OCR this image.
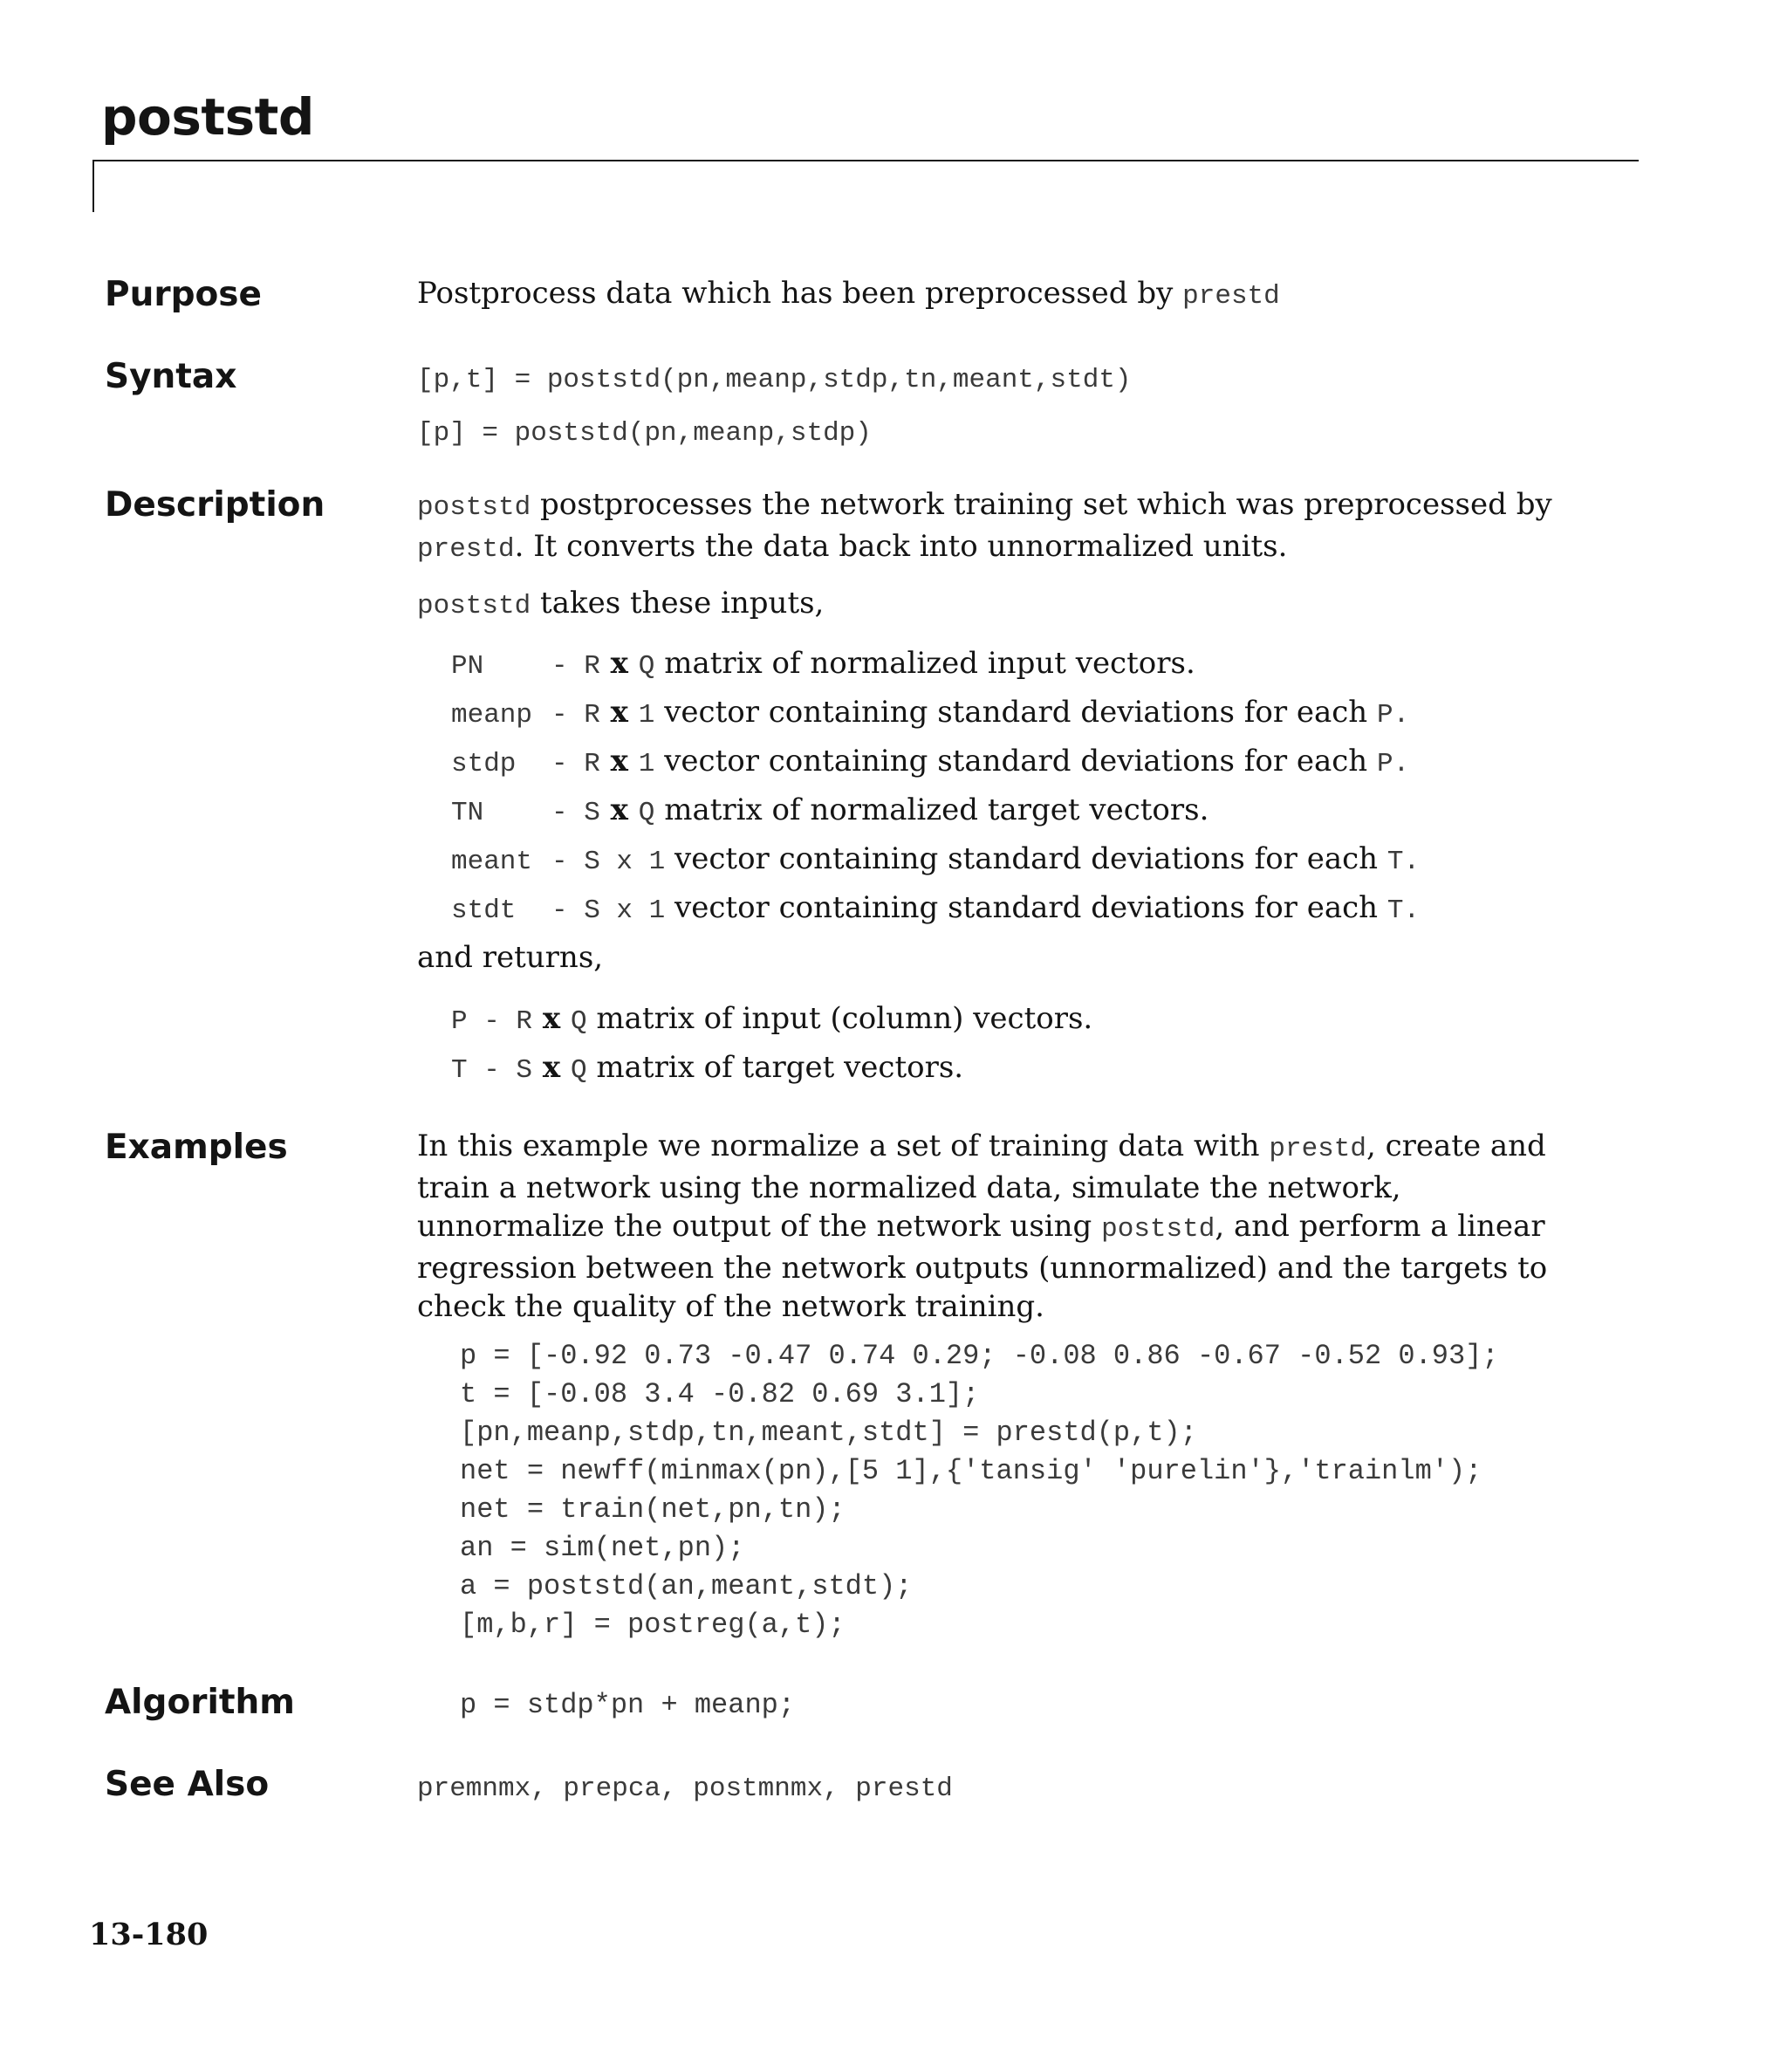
poststd
Purpose	Postprocess data which has been preprocessed by prestd
Syntax	[p,t] = poststd(pn,meanp,stdp,tn,meant,stdt)
[p] = poststd(pn,meanp,stdp)
Description	poststd postprocesses the network training set which was preprocessed by
prestd. It converts the data back into unnormalized units.
poststd takes these inputs,
PN	- R x Q matrix of normalized input vectors.
meanp - R x 1 vector containing standard deviations for each P.
stdp - R x 1 vector containing standard deviations for each P.
TN	- S x Q matrix of normalized target vectors.
meant - S x 1 vector containing standard deviations for each T.
stdt - S x 1 vector containing standard deviations for each T.
and returns,
P - R x Q matrix of input (column) vectors.
T - S x Q matrix of target vectors.
Examples	In this example we normalize a set of training data with prestd, create and train a network using the normalized data, simulate the network, unnormalize the output of the network using poststd, and perform a linear regression between the network outputs (unnormalized) and the targets to check the quality of the network training.
p = [-0.92 0.73 -0.47 0.74 0.29; -0.08 0.86 -0.67 -0.52 0.93];
t = [-0.08 3.4 -0.82 0.69 3.1];
[pn,meanp,stdp,tn,meant,stdt] = prestd(p,t);
net = newff(minmax(pn),[5 1],{'tansig' 'purelin'},'trainlm');
net = train(net,pn,tn);
an = sim(net,pn);
a = poststd(an,meant,stdt);
[m,b,r] = postreg(a,t);
Algorithm	p = stdp*pn + meanp;
See Also	premnmx, prepca, postmnmx, prestd
13-180
